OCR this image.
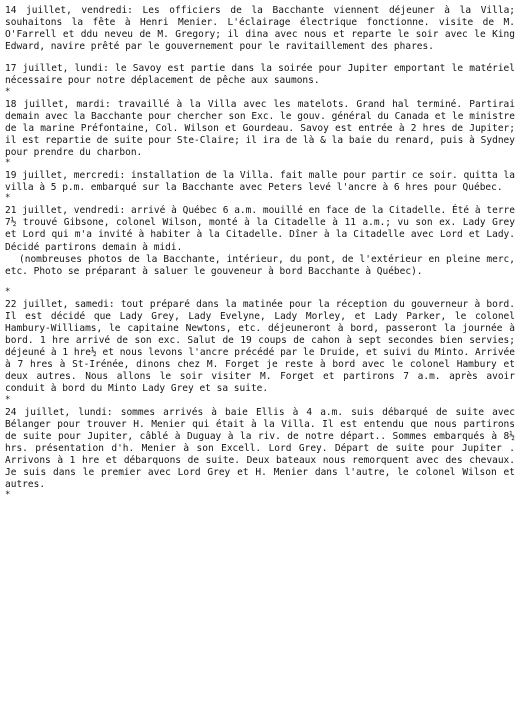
14 juillet, vendredi: Les officiers de la Bacchante viennent déjeuner à la Villa; souhaitons la fête à Henri Menier. L'éclairage électrique fonctionne. visite de M. O'Farrell et ddu neveu de M. Gregory; il dina avec nous et reparte le soir avec le King Edward, navire prêté par le gouvernement pour le ravitaillement des phares.

17 juillet, lundi: le Savoy est partie dans la soirée pour Jupiter emportant le matériel nécessaire pour notre déplacement de pêche aux saumons.

*

18 juillet, mardi: travaillé à la Villa avec les matelots. Grand hal terminé. Partirai demain avec la Bacchante pour chercher son Exc. le gouv. général du Canada et le ministre de la marine Préfontaine, Col. Wilson et Gourdeau. Savoy est entrée à 2 hres de Jupiter; il est repartie de suite pour Ste-Claire; il ira de là & la baie du renard, puis à Sydney pour prendre du charbon.

*

19 juillet, mercredi: installation de la Villa. fait malle pour partir ce soir. quitta la villa à 5 p.m. embarqué sur la Bacchante avec Peters levé l'ancre à 6 hres pour Québec.

*

21 juillet, vendredi: arrivé à Québec 6 a.m. mouillé en face de la Citadelle. Été à terre 7½ trouvé Gibsone, colonel Wilson, monté à la Citadelle à 11 a.m.; vu son ex. Lady Grey et Lord qui m'a invité à habiter à la Citadelle. Dîner à la Citadelle avec Lord et Lady. Décidé partirons demain à midi.

(nombreuses photos de la Bacchante, intérieur, du pont, de l'extérieur en pleine merc, etc. Photo se préparant à saluer le gouveneur à bord Bacchante à Québec).

*

22 juillet, samedi: tout préparé dans la matinée pour la réception du gouverneur à bord. Il est décidé que Lady Grey, Lady Evelyne, Lady Morley, et Lady Parker, le colonel Hambury-Williams, le capitaine Newtons, etc. déjeuneront à bord, passeront la journée à bord. 1 hre arrivé de son exc. Salut de 19 coups de cahon à sept secondes bien servies; déjeuné à 1 hre½ et nous levons l'ancre précédé par le Druide, et suivi du Minto. Arrivée à 7 hres à St-Irénée, dinons chez M. Forget je reste à bord avec le colonel Hambury et deux autres. Nous allons le soir visiter M. Forget et partirons 7 a.m. après avoir conduit à bord du Minto Lady Grey et sa suite.

*

24 juillet, lundi: sommes arrivés à baie Ellis à 4 a.m. suis débarqué de suite avec Bélanger pour trouver H. Menier qui était à la Villa. Il est entendu que nous partirons de suite pour Jupiter, câblé à Duguay à la riv. de notre départ.. Sommes embarqués à 8½ hrs. présentation d'h. Menier à son Excell. Lord Grey. Départ de suite pour Jupiter . Arrivons à 1 hre et débarquons de suite. Deux bateaux nous remorquent avec des chevaux. Je suis dans le premier avec Lord Grey et H. Menier dans l'autre, le colonel Wilson et autres.

*
